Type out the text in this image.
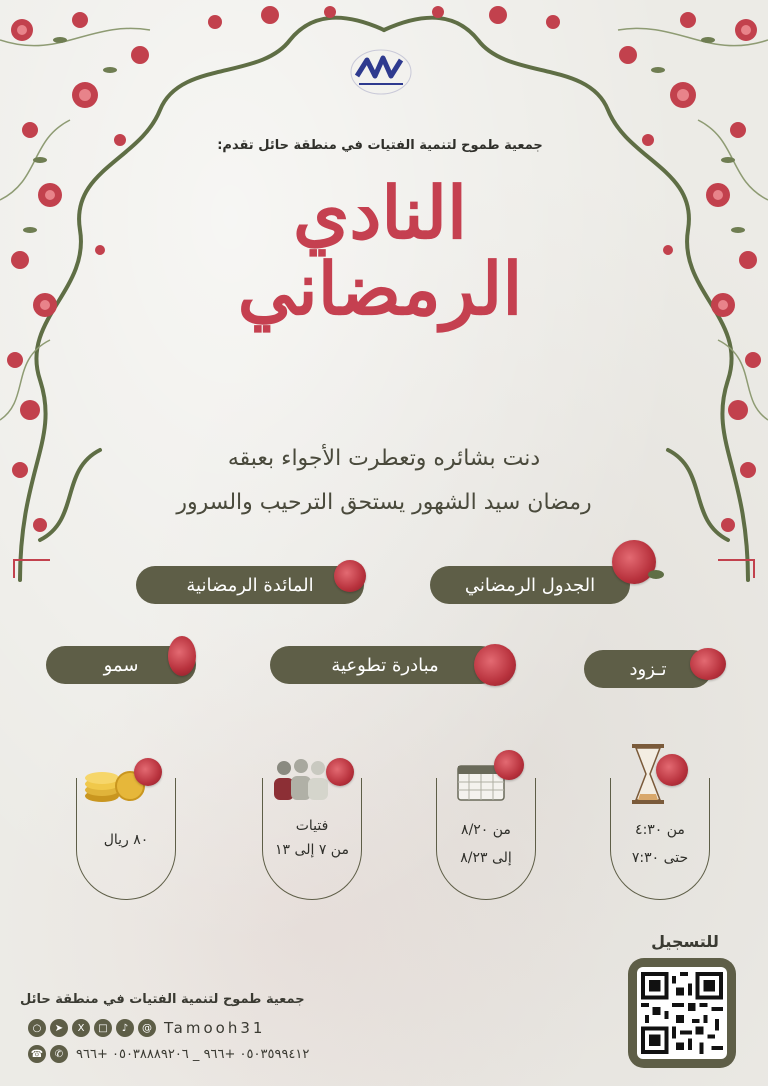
جمعية طموح لتنمية الفتيات في منطقة حائل تقدم:
النادي
الرمضاني
دنت بشائره وتعطرت الأجواء بعبقه
رمضان سيد الشهور يستحق الترحيب والسرور
الجدول الرمضاني
المائدة الرمضانية
تـزود
مبادرة تطوعية
سمو
من ٤:٣٠
حتى ٧:٣٠
من ٨/٢٠
إلى ٨/٢٣
فتيات
من ٧ إلى ١٣
٨٠ ريال
للتسجيل
جمعية طموح لتنمية الفتيات في منطقة حائل
○	➤	X	□	♪	@ Tamooh31
☎	✆ ٠٥٠٣٥٩٩٤١٢ +٩٦٦ _ ٠٥٠٣٨٨٨٩٢٠٦ +٩٦٦
